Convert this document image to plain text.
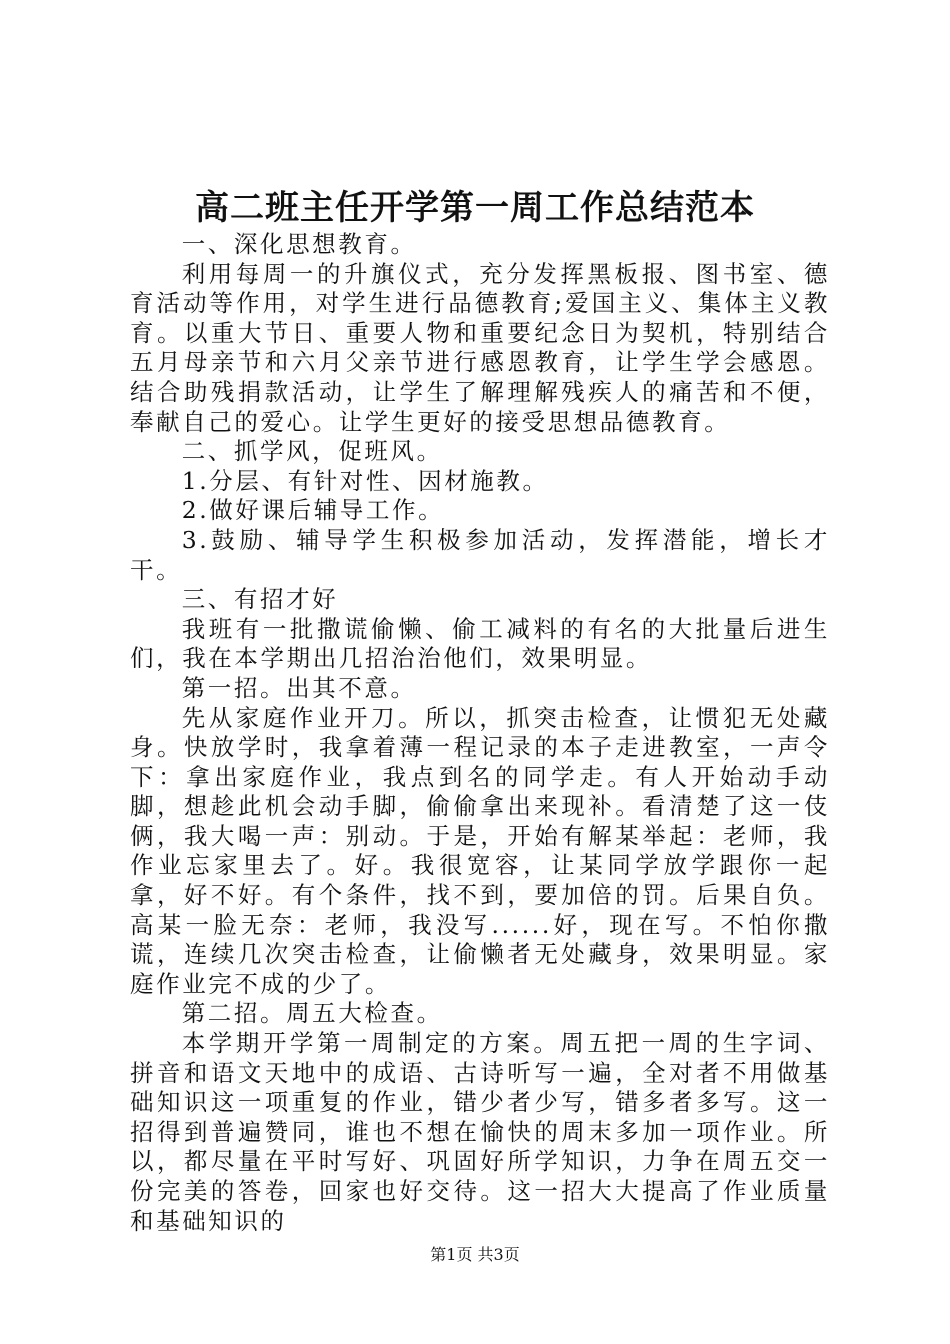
高二班主任开学第一周工作总结范本

一、深化思想教育。

利用每周一的升旗仪式，充分发挥黑板报、图书室、德育活动等作用，对学生进行品德教育;爱国主义、集体主义教育。以重大节日、重要人物和重要纪念日为契机，特别结合五月母亲节和六月父亲节进行感恩教育，让学生学会感恩。结合助残捐款活动，让学生了解理解残疾人的痛苦和不便，奉献自己的爱心。让学生更好的接受思想品德教育。

二、抓学风，促班风。

1.分层、有针对性、因材施教。

2.做好课后辅导工作。

3.鼓励、辅导学生积极参加活动，发挥潜能，增长才干。

三、有招才好

我班有一批撒谎偷懒、偷工减料的有名的大批量后进生们，我在本学期出几招治治他们，效果明显。

第一招。出其不意。

先从家庭作业开刀。所以，抓突击检查，让惯犯无处藏身。快放学时，我拿着薄一程记录的本子走进教室，一声令下：拿出家庭作业，我点到名的同学走。有人开始动手动脚，想趁此机会动手脚，偷偷拿出来现补。看清楚了这一伎俩，我大喝一声：别动。于是，开始有解某举起：老师，我作业忘家里去了。好。我很宽容，让某同学放学跟你一起拿，好不好。有个条件，找不到，要加倍的罚。后果自负。高某一脸无奈：老师，我没写......好，现在写。不怕你撒谎，连续几次突击检查，让偷懒者无处藏身，效果明显。家庭作业完不成的少了。

第二招。周五大检查。

本学期开学第一周制定的方案。周五把一周的生字词、拼音和语文天地中的成语、古诗听写一遍，全对者不用做基础知识这一项重复的作业，错少者少写，错多者多写。这一招得到普遍赞同，谁也不想在愉快的周末多加一项作业。所以，都尽量在平时写好、巩固好所学知识，力争在周五交一份完美的答卷，回家也好交待。这一招大大提高了作业质量和基础知识的

第1页 共3页
